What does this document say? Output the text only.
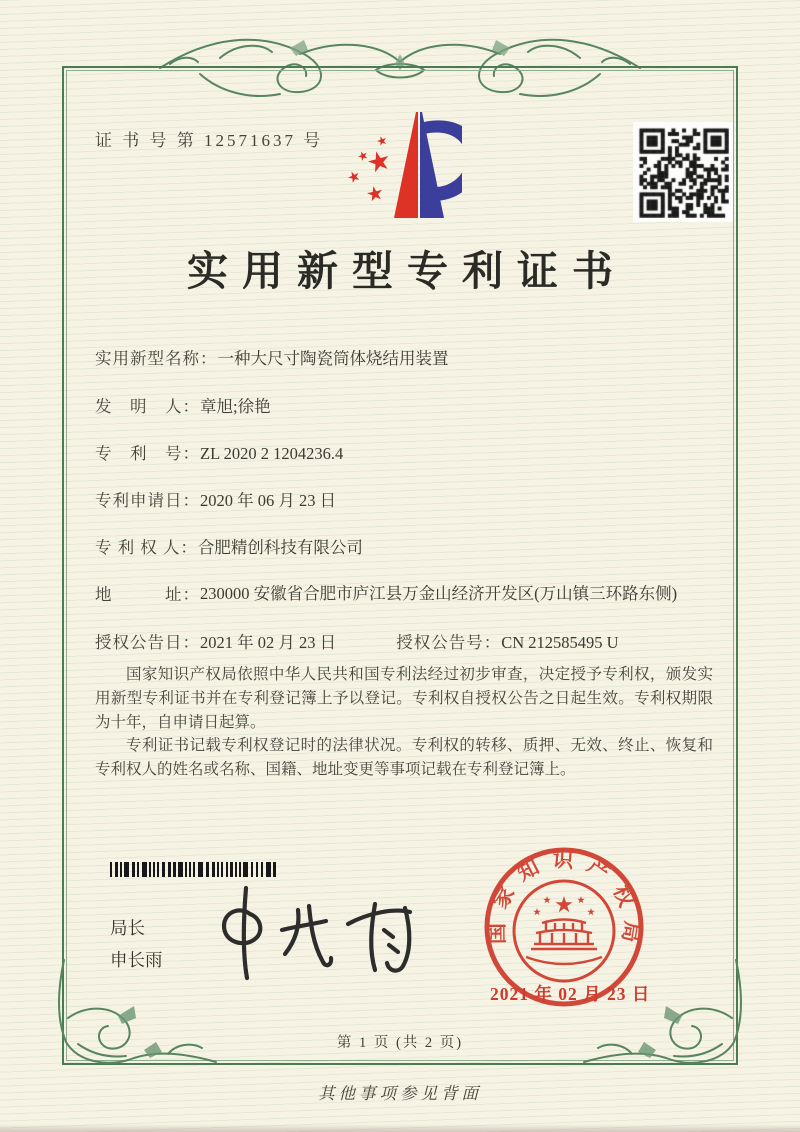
证 书 号 第 12571637 号
实用新型专利证书
实用新型名称：一种大尺寸陶瓷筒体烧结用装置
发　明　人：章旭;徐艳
专　利　号：ZL 2020 2 1204236.4
专利申请日：2020 年 06 月 23 日
专 利 权 人：合肥精创科技有限公司
地　　　址：230000 安徽省合肥市庐江县万金山经济开发区(万山镇三环路东侧)
授权公告日：2021 年 02 月 23 日	授权公告号：CN 212585495 U

国家知识产权局依照中华人民共和国专利法经过初步审查，决定授予专利权，颁发实用新型专利证书并在专利登记簿上予以登记。专利权自授权公告之日起生效。专利权期限为十年，自申请日起算。

专利证书记载专利权登记时的法律状况。专利权的转移、质押、无效、终止、恢复和专利权人的姓名或名称、国籍、地址变更等事项记载在专利登记簿上。

局长
申长雨
国家知识产权局
2021 年 02 月 23 日
第 1 页 (共 2 页)
其他事项参见背面
